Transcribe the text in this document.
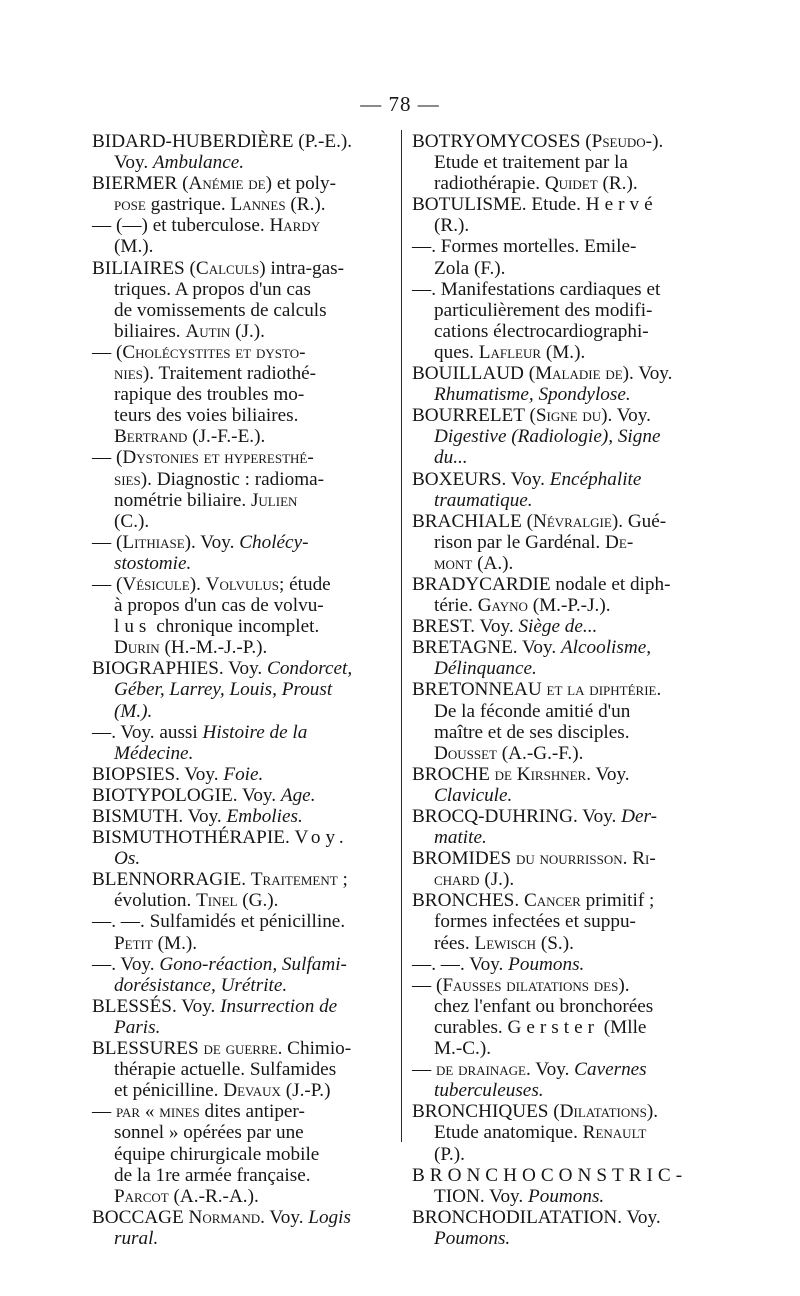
— 78 —
BIDARD-HUBERDIÈRE (P.-E.).
Voy. Ambulance.
BIERMER (Anémie de) et poly-
pose gastrique. Lannes (R.).
— (—) et tuberculose. Hardy
(M.).
BILIAIRES (Calculs) intra-gas-
triques. A propos d'un cas
de vomissements de calculs
biliaires. Autin (J.).
— (Cholécystites et dysto-
nies). Traitement radiothé-
rapique des troubles mo-
teurs des voies biliaires.
Bertrand (J.-F.-E.).
— (Dystonies et hyperesthé-
sies). Diagnostic : radioma-
nométrie biliaire. Julien
(C.).
— (Lithiase). Voy. Cholécy-
stostomie.
— (Vésicule). Volvulus; étude
à propos d'un cas de volvu-
lus chronique incomplet.
Durin (H.-M.-J.-P.).
BIOGRAPHIES. Voy. Condorcet,
Géber, Larrey, Louis, Proust
(M.).
—. Voy. aussi Histoire de la
Médecine.
BIOPSIES. Voy. Foie.
BIOTYPOLOGIE. Voy. Age.
BISMUTH. Voy. Embolies.
BISMUTHOTHÉRAPIE. Voy.
Os.
BLENNORRAGIE. Traitement ;
évolution. Tinel (G.).
—. —. Sulfamidés et pénicilline.
Petit (M.).
—. Voy. Gono-réaction, Sulfami-
dorésistance, Urétrite.
BLESSÉS. Voy. Insurrection de
Paris.
BLESSURES de guerre. Chimio-
thérapie actuelle. Sulfamides
et pénicilline. Devaux (J.-P.)
— par « mines dites antiper-
sonnel » opérées par une
équipe chirurgicale mobile
de la 1re armée française.
Parcot (A.-R.-A.).
BOCCAGE Normand. Voy. Logis
rural.
BOTRYOMYCOSES (Pseudo-).
Etude et traitement par la
radiothérapie. Quidet (R.).
BOTULISME. Etude. Hervé
(R.).
—. Formes mortelles. Emile-
Zola (F.).
—. Manifestations cardiaques et
particulièrement des modifi-
cations électrocardiographi-
ques. Lafleur (M.).
BOUILLAUD (Maladie de). Voy.
Rhumatisme, Spondylose.
BOURRELET (Signe du). Voy.
Digestive (Radiologie), Signe
du...
BOXEURS. Voy. Encéphalite
traumatique.
BRACHIALE (Névralgie). Gué-
rison par le Gardénal. De-
mont (A.).
BRADYCARDIE nodale et diph-
térie. Gayno (M.-P.-J.).
BREST. Voy. Siège de...
BRETAGNE. Voy. Alcoolisme,
Délinquance.
BRETONNEAU et la diphtérie.
De la féconde amitié d'un
maître et de ses disciples.
Dousset (A.-G.-F.).
BROCHE de Kirshner. Voy.
Clavicule.
BROCQ-DUHRING. Voy. Der-
matite.
BROMIDES du nourrisson. Ri-
chard (J.).
BRONCHES. Cancer primitif ;
formes infectées et suppu-
rées. Lewisch (S.).
—. —. Voy. Poumons.
— (Fausses dilatations des).
chez l'enfant ou bronchorées
curables. Gerster (Mlle
M.-C.).
— de drainage. Voy. Cavernes
tuberculeuses.
BRONCHIQUES (Dilatations).
Etude anatomique. Renault
(P.).
BRONCHOCONSTRIC-
TION. Voy. Poumons.
BRONCHODILATATION. Voy.
Poumons.
